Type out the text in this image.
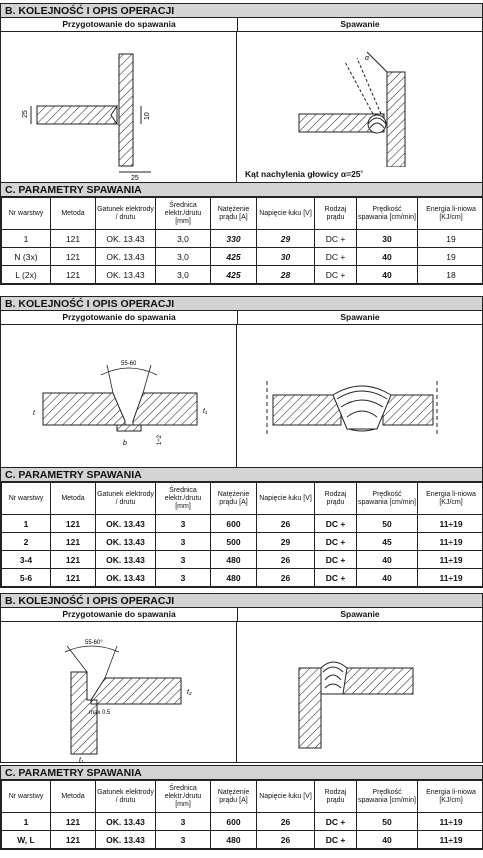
B. KOLEJNOŚĆ I OPIS OPERACJI
Przygotowanie do spawania	Spawanie
25	10
25
α
Kąt nachylenia głowicy α=25˚
C. PARAMETRY SPAWANIA
Nr warstwy	Metoda	Gatunek elektrody / drutu	Średnica elektr./drutu [mm]	Natężenie prądu [A]	Napięcie łuku [V]	Rodzaj prądu	Prędkość spawania [cm/min]	Energia li-niowa [KJ/cm]
1	121	OK. 13.43	3,0	330	29	DC +	30	19
N (3x)	121	OK. 13.43	3,0	425	30	DC +	40	19
L (2x)	121	OK. 13.43	3,0	425	28	DC +	40	18
B. KOLEJNOŚĆ I OPIS OPERACJI
Przygotowanie do spawania	Spawanie
55-60
t	t₁
b	1÷2
C. PARAMETRY SPAWANIA
Nr warstwy	Metoda	Gatunek elektrody / drutu	Średnica elektr./drutu [mm]	Natężenie prądu [A]	Napięcie łuku [V]	Rodzaj prądu	Prędkość spawania [cm/min]	Energia li-niowa [KJ/cm]
1	121	OK. 13.43	3	600	26	DC +	50	11÷19
2	121	OK. 13.43	3	500	29	DC +	45	11÷19
3-4	121	OK. 13.43	3	480	26	DC +	40	11÷19
5-6	121	OK. 13.43	3	480	26	DC +	40	11÷19
B. KOLEJNOŚĆ I OPIS OPERACJI
Przygotowanie do spawania	Spawanie
55-60°
max 0.5
t₂
t₁
C. PARAMETRY SPAWANIA
Nr warstwy	Metoda	Gatunek elektrody / drutu	Średnica elektr./drutu [mm]	Natężenie prądu [A]	Napięcie łuku [V]	Rodzaj prądu	Prędkość spawania [cm/min]	Energia li-niowa [KJ/cm]
1	121	OK. 13.43	3	600	26	DC +	50	11÷19
W, L	121	OK. 13.43	3	480	26	DC +	40	11÷19
